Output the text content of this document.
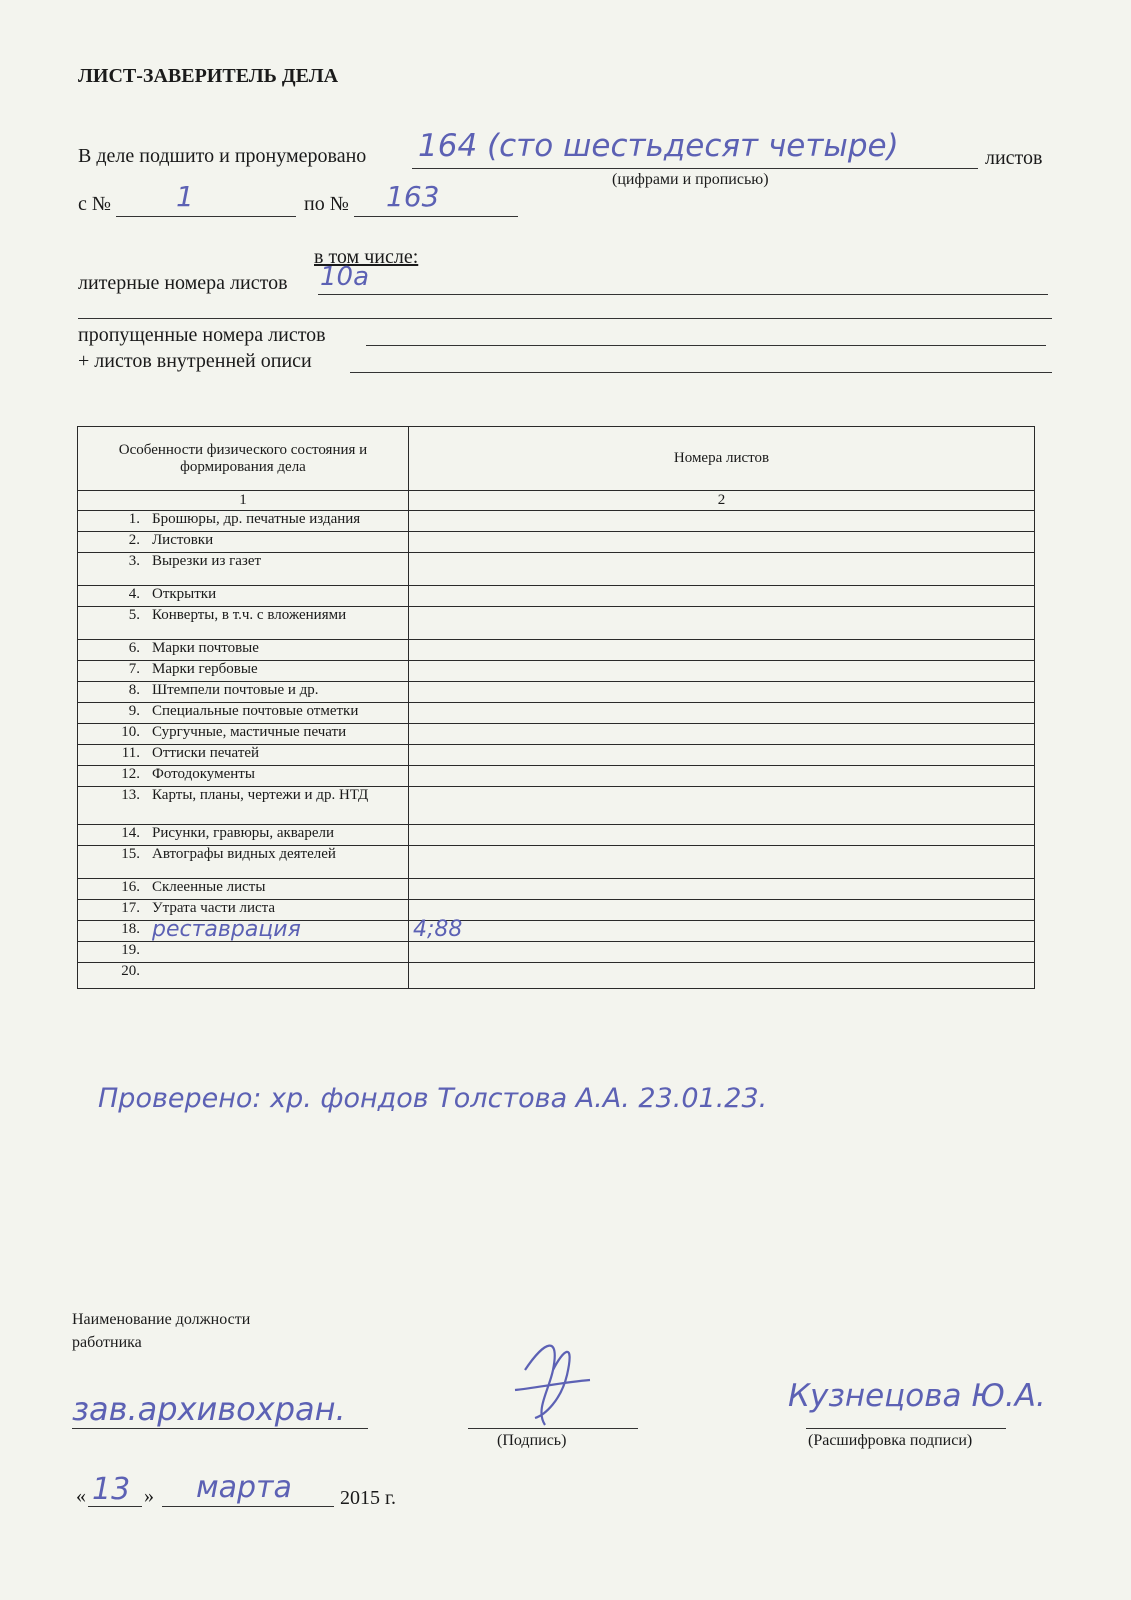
ЛИСТ-ЗАВЕРИТЕЛЬ ДЕЛА
В деле подшито и пронумеровано 164 (сто шестьдесят четыре)	листов
(цифрами и прописью)
с № 1	по № 163
в том числе:
литерные номера листов 10а
пропущенные номера листов
+ листов внутренней описи
Особенности физического состояния и формирования дела	Номера листов
1	2
1. Брошюры, др. печатные издания	
2. Листовки	
3. Вырезки из газет	
4. Открытки	
5. Конверты, в т.ч. с вложениями	
6. Марки почтовые	
7. Марки гербовые	
8. Штемпели почтовые и др.	
9. Специальные почтовые отметки	
10. Сургучные, мастичные печати	
11. Оттиски печатей	
12. Фотодокументы	
13. Карты, планы, чертежи и др. НТД	
14. Рисунки, гравюры, акварели	
15. Автографы видных деятелей	
16. Склеенные листы	
17. Утрата части листа	
18. реставрация	4;88
19.	
20.	
Проверено: хр. фондов Толстова А.А. 23.01.23.
Наименование должности работника
зав.архивохран.
(Подпись)
Кузнецова Ю.А.
(Расшифровка подписи)
« 13 » марта 2015 г.
